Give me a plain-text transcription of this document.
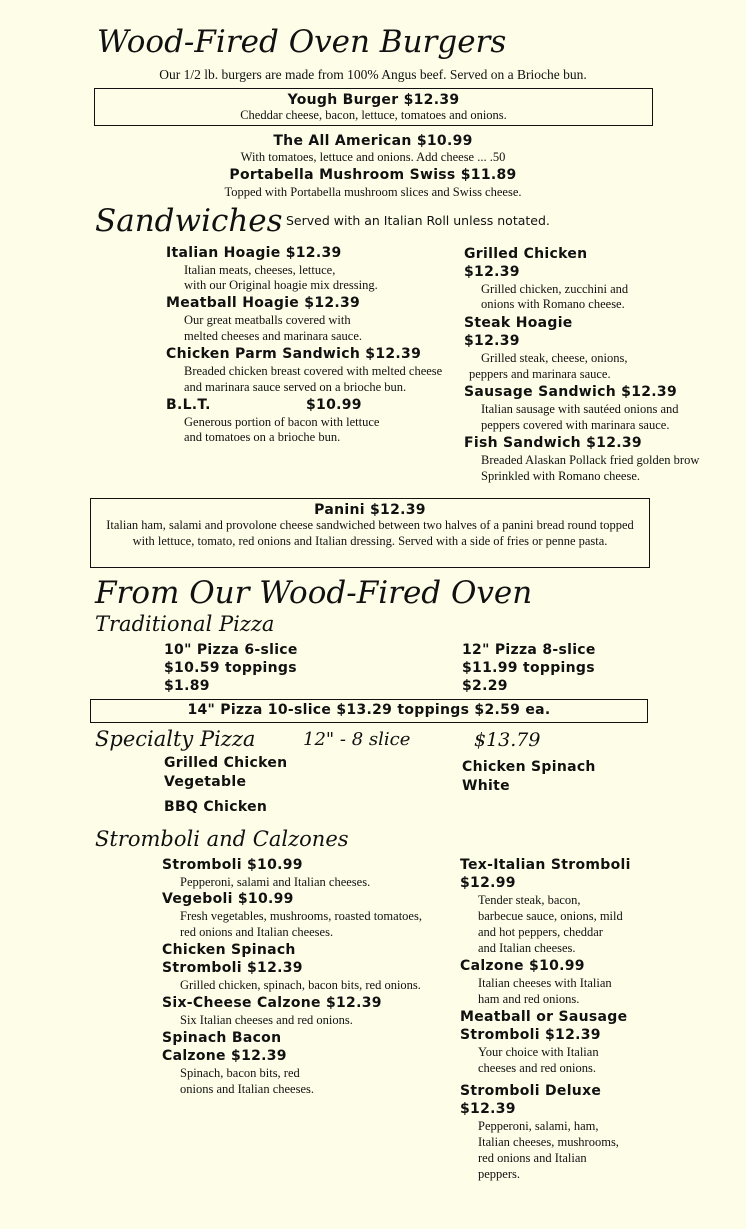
Wood-Fired Oven Burgers
Our 1/2 lb. burgers are made from 100% Angus beef. Served on a Brioche bun.
Yough Burger $12.39
Cheddar cheese, bacon, lettuce, tomatoes and onions.
The All American $10.99
With tomatoes, lettuce and onions. Add cheese ... .50
Portabella Mushroom Swiss $11.89
Topped with Portabella mushroom slices and Swiss cheese.
Sandwiches Served with an Italian Roll unless notated.
Italian Hoagie $12.39
Italian meats, cheeses, lettuce,
with our Original hoagie mix dressing.
Meatball Hoagie $12.39
Our great meatballs covered with
melted cheeses and marinara sauce.
Chicken Parm Sandwich $12.39
Breaded chicken breast covered with melted cheese
and marinara sauce served on a brioche bun.
B.L.T.	$10.99
Generous portion of bacon with lettuce
and tomatoes on a brioche bun.
Grilled Chicken
$12.39
Grilled chicken, zucchini and
onions with Romano cheese.
Steak Hoagie
$12.39
Grilled steak, cheese, onions,
peppers and marinara sauce.
Sausage Sandwich $12.39
Italian sausage with sautéed onions and
peppers covered with marinara sauce.
Fish Sandwich $12.39
Breaded Alaskan Pollack fried golden brow
Sprinkled with Romano cheese.
Panini $12.39
Italian ham, salami and provolone cheese sandwiched between two halves of a panini bread round topped with lettuce, tomato, red onions and Italian dressing. Served with a side of fries or penne pasta.
From Our Wood-Fired Oven
Traditional Pizza
10" Pizza 6-slice
$10.59 toppings
$1.89
12" Pizza 8-slice
$11.99 toppings
$2.29
14" Pizza 10-slice $13.29 toppings $2.59 ea.
Specialty Pizza	12" - 8 slice	$13.79
Grilled Chicken
Vegetable
BBQ Chicken
Chicken Spinach
White
Stromboli and Calzones
Stromboli $10.99
Pepperoni, salami and Italian cheeses.
Vegeboli $10.99
Fresh vegetables, mushrooms, roasted tomatoes,
red onions and Italian cheeses.
Chicken Spinach
Stromboli $12.39
Grilled chicken, spinach, bacon bits, red onions.
Six-Cheese Calzone $12.39
Six Italian cheeses and red onions.
Spinach Bacon
Calzone $12.39
Spinach, bacon bits, red
onions and Italian cheeses.
Tex-Italian Stromboli
$12.99
Tender steak, bacon,
barbecue sauce, onions, mild
and hot peppers, cheddar
and Italian cheeses.
Calzone $10.99
Italian cheeses with Italian
ham and red onions.
Meatball or Sausage
Stromboli $12.39
Your choice with Italian
cheeses and red onions.
Stromboli Deluxe
$12.39
Pepperoni, salami, ham,
Italian cheeses, mushrooms,
red onions and Italian
peppers.
